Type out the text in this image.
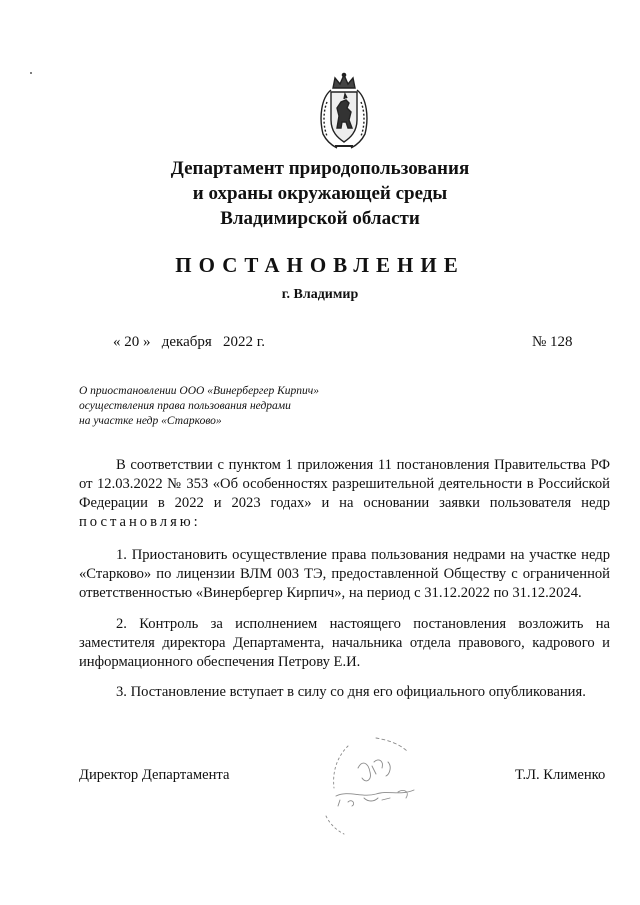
Департамент природопользования
и охраны окружающей среды
Владимирской области
ПОСТАНОВЛЕНИЕ
г. Владимир
« 20 »   декабря   2022 г.	№ 128
О приостановлении ООО «Винербергер Кирпич»
осуществления права пользования недрами
на участке недр «Старково»

В соответствии с пунктом 1 приложения 11 постановления Правительства РФ от 12.03.2022 № 353 «Об особенностях разрешительной деятельности в Российской Федерации в 2022 и 2023 годах» и на основании заявки пользователя недр постановляю:

1. Приостановить осуществление права пользования недрами на участке недр «Старково» по лицензии ВЛМ 003 ТЭ, предоставленной Обществу с ограниченной ответственностью «Винербергер Кирпич», на период с 31.12.2022 по 31.12.2024.

2. Контроль за исполнением настоящего постановления возложить на заместителя директора Департамента, начальника отдела правового, кадрового и информационного обеспечения Петрову Е.И.

3. Постановление вступает в силу со дня его официального опубликования.

Директор Департамента	Т.Л. Клименко
